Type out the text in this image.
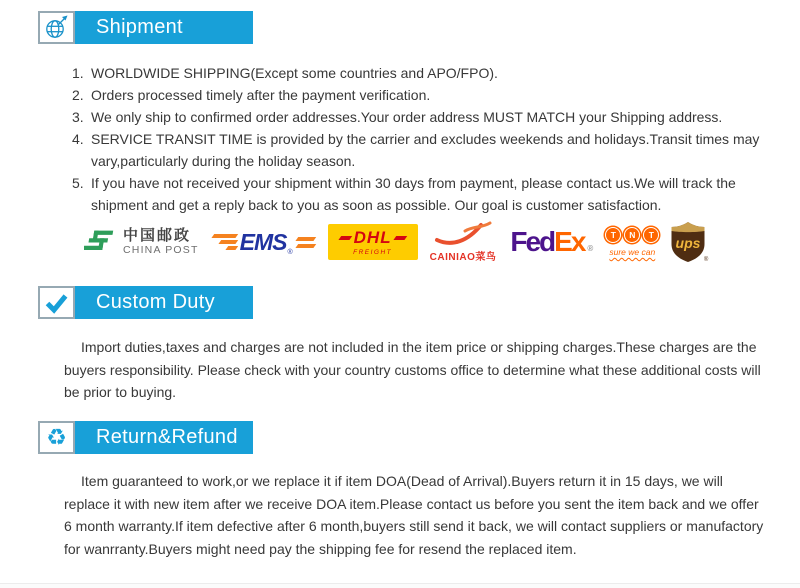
Shipment
1. WORLDWIDE SHIPPING(Except some countries and APO/FPO).
2. Orders processed timely after the payment verification.
3. We only ship to confirmed order addresses.Your order address MUST MATCH your Shipping address.
4. SERVICE TRANSIT TIME is provided by the carrier and excludes weekends and holidays.Transit times may vary,particularly during the holiday season.
5. If you have not received your shipment within 30 days from payment, please contact us.We will track the shipment and get a reply back to you as soon as possible. Our goal is customer satisfaction.
中国邮政
CHINA POST EMS ®
DHL
FREIGHT	CAINIAO菜鸟
Fed Ex ®
T	N	T
sure we can
ups
®
Custom Duty
Import duties,taxes and charges are not included in the item price or shipping charges.These charges are the buyers responsibility. Please check with your country customs office to determine what these additional costs will be prior to buying.
♻	Return&Refund
Item guaranteed to work,or we replace it if item DOA(Dead of Arrival).Buyers return it in 15 days, we will replace it with new item after we receive DOA item.Please contact us before you sent the item back and we offer 6 month warranty.If item defective after 6 month,buyers still send it back, we will contact suppliers or manufactory for wanrranty.Buyers might need pay the shipping fee for resend the replaced item.
